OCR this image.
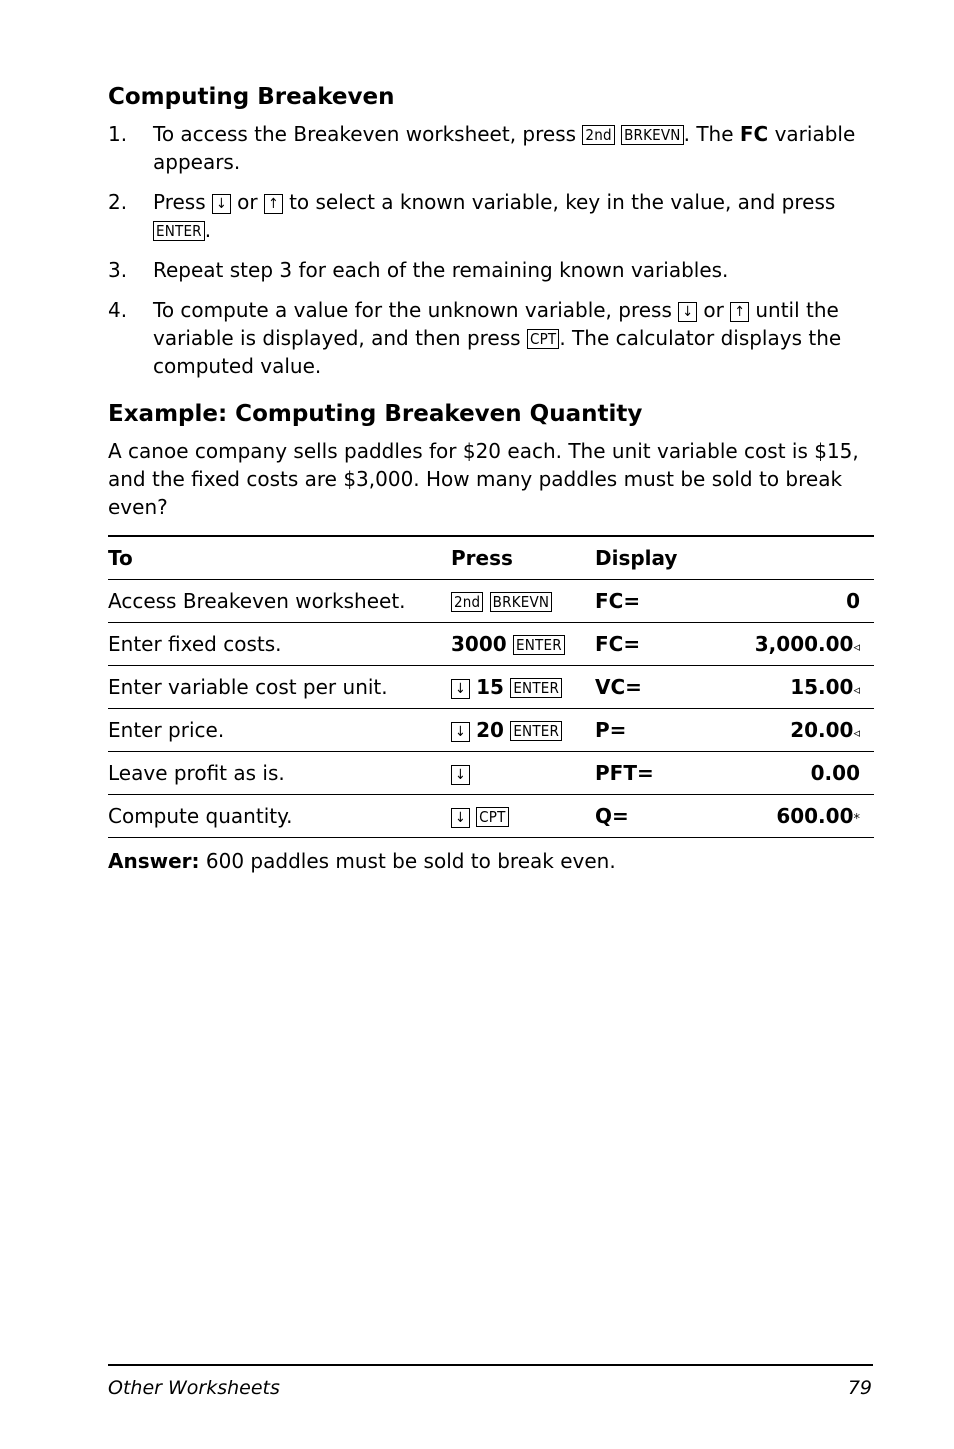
Computing Breakeven
1. To access the Breakeven worksheet, press 2nd BRKEVN . The FC variable appears.
2. Press ↓ or ↑ to select a known variable, key in the value, and press ENTER .
3. Repeat step 3 for each of the remaining known variables.
4. To compute a value for the unknown variable, press ↓ or ↑ until the variable is displayed, and then press CPT . The calculator displays the computed value.
Example: Computing Breakeven Quantity

A canoe company sells paddles for $20 each. The unit variable cost is $15, and the fixed costs are $3,000. How many paddles must be sold to break even?

To	Press	Display	
Access Breakeven worksheet.	2nd BRKEVN	FC=	0
Enter fixed costs.	3000 ENTER	FC=	3,000.00◃
Enter variable cost per unit.	↓ 15 ENTER	VC=	15.00◃
Enter price.	↓ 20 ENTER	P=	20.00◃
Leave profit as is.	↓	PFT=	0.00
Compute quantity.	↓ CPT	Q=	600.00*

Answer: 600 paddles must be sold to break even.

Other Worksheets	79
